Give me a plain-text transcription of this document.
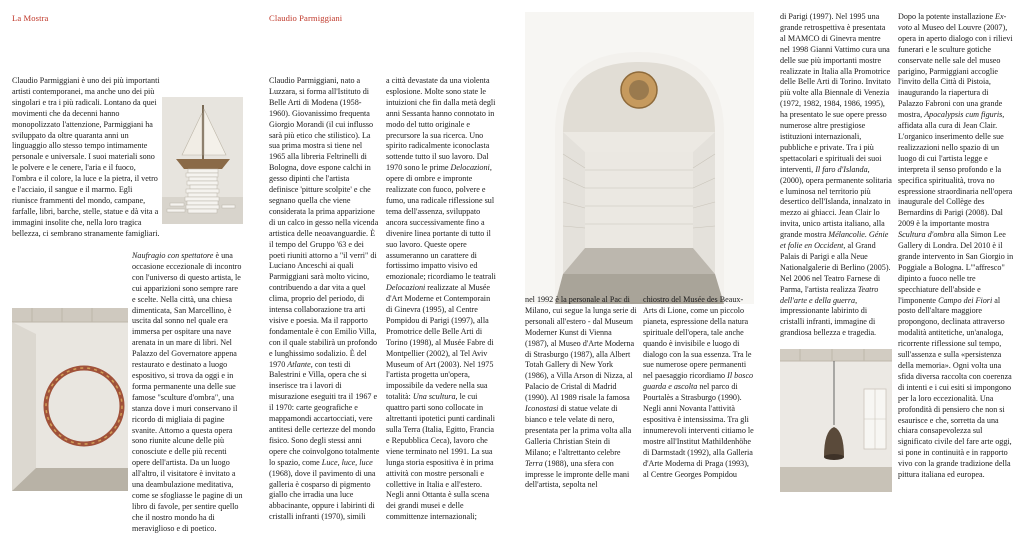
La Mostra	Claudio Parmiggiani

Claudio Parmiggiani è uno dei più importanti artisti contemporanei, ma anche uno dei più singolari e tra i più radicali. Lontano da quei movimenti che da decenni hanno monopolizzato l'attenzione, Parmiggiani ha sviluppato da oltre quaranta anni un linguaggio allo stesso tempo intimamente personale e universale. I suoi materiali sono le polvere e le cenere, l'aria e il fuoco, l'ombra e il colore, la luce e la pietra, il vetro e l'acciaio, il sangue e il marmo. Egli riunisce frammenti del mondo, campane, farfalle, libri, barche, stelle, statue e dà vita a immagini insolite che, nella loro tragica bellezza, ci sembrano stranamente famigliari.

Naufragio con spettatore è una occasione eccezionale di incontro con l'universo di questo artista, le cui apparizioni sono sempre rare e scelte. Nella città, una chiesa dimenticata, San Marcellino, è uscita dal sonno nel quale era immersa per ospitare una nave arenata in un mare di libri. Nel Palazzo del Governatore appena restaurato e destinato a luogo espositivo, si trova da oggi e in forma permanente una delle sue famose "sculture d'ombra", una stanza dove i muri conservano il ricordo di migliaia di pagine svanite. Attorno a questa opera sono riunite alcune delle più conosciute e delle più recenti opere dell'artista. Da un luogo all'altro, il visitatore è invitato a una deambulazione meditativa, come se sfogliasse le pagine di un libro di favole, per sentire quello che il nostro mondo ha di meraviglioso e di poetico.

Claudio Parmiggiani, nato a Luzzara, si forma all'Istituto di Belle Arti di Modena (1958-1960). Giovanissimo frequenta Giorgio Morandi (il cui influsso sarà più etico che stilistico). La sua prima mostra si tiene nel 1965 alla libreria Feltrinelli di Bologna, dove espone calchi in gesso dipinti che l'artista definisce 'pitture scolpite' e che segnano quella che viene considerata la prima apparizione di un calco in gesso nella vicenda artistica delle neoavanguardie. È il tempo del Gruppo '63 e dei poeti riuniti attorno a "il verri" di Luciano Anceschi ai quali Parmiggiani sarà molto vicino, contribuendo a dar vita a quel clima, proprio del periodo, di intensa collaborazione tra arti visive e poesia. Ma il rapporto fondamentale è con Emilio Villa, con il quale stabilirà un profondo e lunghissimo sodalizio. È del 1970 Atlante, con testi di Balestrini e Villa, opera che si inserisce tra i lavori di misurazione eseguiti tra il 1967 e il 1970: carte geografiche e mappamondi accartocciati, vere antitesi delle certezze del mondo fisico. Sono degli stessi anni opere che coinvolgono totalmente lo spazio, come Luce, luce, luce (1968), dove il pavimento di una galleria è cosparso di pigmento giallo che irradia una luce abbacinante, oppure i labirinti di cristalli infranti (1970), simili

a città devastate da una violenta esplosione. Molte sono state le intuizioni che fin dalla metà degli anni Sessanta hanno connotato in modo del tutto originale e precursore la sua ricerca. Uno spirito radicalmente iconoclasta sottende tutto il suo lavoro. Dal 1970 sono le prime Delocazioni, opere di ombre e impronte realizzate con fuoco, polvere e fumo, una radicale riflessione sul tema dell'assenza, sviluppato ancora successivamente fino a divenire linea portante di tutto il suo lavoro. Queste opere assumeranno un carattere di fortissimo impatto visivo ed emozionale; ricordiamo le teatrali Delocazioni realizzate al Musée d'Art Moderne et Contemporain di Ginevra (1995), al Centre Pompidou di Parigi (1997), alla Promotrice delle Belle Arti di Torino (1998), al Musée Fabre di Montpellier (2002), al Tel Aviv Museum of Art (2003). Nel 1975 l'artista progetta un'opera, impossibile da vedere nella sua totalità: Una scultura, le cui quattro parti sono collocate in altrettanti ipotetici punti cardinali sulla Terra (Italia, Egitto, Francia e Repubblica Ceca), lavoro che viene terminato nel 1991. La sua lunga storia espositiva è in prima attività con mostre personali e collettive in Italia e all'estero. Negli anni Ottanta è sulla scena dei grandi musei e delle committenze internazionali;

nel 1992 è la personale al Pac di Milano, cui segue la lunga serie di personali all'estero - dal Museum Moderner Kunst di Vienna (1987), al Museo d'Arte Moderna di Strasburgo (1987), alla Albert Totah Gallery di New York (1986), a Villa Arson di Nizza, al Palacio de Cristal di Madrid (1990). Al 1989 risale la famosa Iconostasi di statue velate di bianco e tele velate di nero, presentata per la prima volta alla Galleria Christian Stein di Milano; e l'altrettanto celebre Terra (1988), una sfera con impresse le impronte delle mani dell'artista, sepolta nel

chiostro del Musée des Beaux-Arts di Lione, come un piccolo pianeta, espressione della natura spirituale dell'opera, tale anche quando è invisibile e luogo di dialogo con la sua essenza. Tra le sue numerose opere permanenti nel paesaggio ricordiamo Il bosco guarda e ascolta nel parco di Pourtalès a Strasburgo (1990). Negli anni Novanta l'attività espositiva è intensissima. Tra gli innumerevoli interventi citiamo le mostre all'Institut Mathildenhöhe di Darmstadt (1992), alla Galleria d'Arte Moderna di Praga (1993), al Centre Georges Pompidou

di Parigi (1997). Nel 1995 una grande retrospettiva è presentata al MAMCO di Ginevra mentre nel 1998 Gianni Vattimo cura una delle sue più importanti mostre realizzate in Italia alla Promotrice delle Belle Arti di Torino. Invitato più volte alla Biennale di Venezia (1972, 1982, 1984, 1986, 1995), ha presentato le sue opere presso numerose altre prestigiose istituzioni internazionali, pubbliche e private. Tra i più spettacolari e spirituali dei suoi interventi, Il faro d'Islanda, (2000), opera permanente solitaria e luminosa nel territorio più desertico dell'Islanda, innalzato in mezzo ai ghiacci. Jean Clair lo invita, unico artista italiano, alla grande mostra Mélancolie. Génie et folie en Occident, al Grand Palais di Parigi e alla Neue Nationalgalerie di Berlino (2005). Nel 2006 nel Teatro Farnese di Parma, l'artista realizza Teatro dell'arte e della guerra, impressionante labirinto di cristalli infranti, immagine di grandiosa bellezza e tragedia.

Dopo la potente installazione Ex-voto al Museo del Louvre (2007), opera in aperto dialogo con i rilievi funerari e le sculture gotiche conservate nelle sale del museo parigino, Parmiggiani accoglie l'invito della Città di Pistoia, inaugurando la riapertura di Palazzo Fabroni con una grande mostra, Apocalypsis cum figuris, affidata alla cura di Jean Clair. L'organico inserimento delle sue realizzazioni nello spazio di un luogo di cui l'artista legge e interpreta il senso profondo e la specifica spiritualità, trova no espressione straordinaria nell'opera inaugurale del Collège des Bernardins di Parigi (2008). Dal 2009 è la importante mostra Scultura d'ombra alla Simon Lee Gallery di Londra. Del 2010 è il grande intervento in San Giorgio in Poggiale a Bologna. L'"affresco" dipinto a fuoco nelle tre specchiature dell'abside e l'imponente Campo dei Fiori al posto dell'altare maggiore propongono, declinata attraverso modalità antitetiche, un'analoga, ricorrente riflessione sul tempo, sull'assenza e sulla «persistenza della memoria». Ogni volta una sfida diversa raccolta con coerenza di intenti e i cui esiti si impongono per la loro eccezionalità. Una profondità di pensiero che non si esaurisce e che, sorretta da una chiara consapevolezza sul significato civile del fare arte oggi, si pone in continuità e in rapporto vivo con la grande tradizione della pittura italiana ed europea.
